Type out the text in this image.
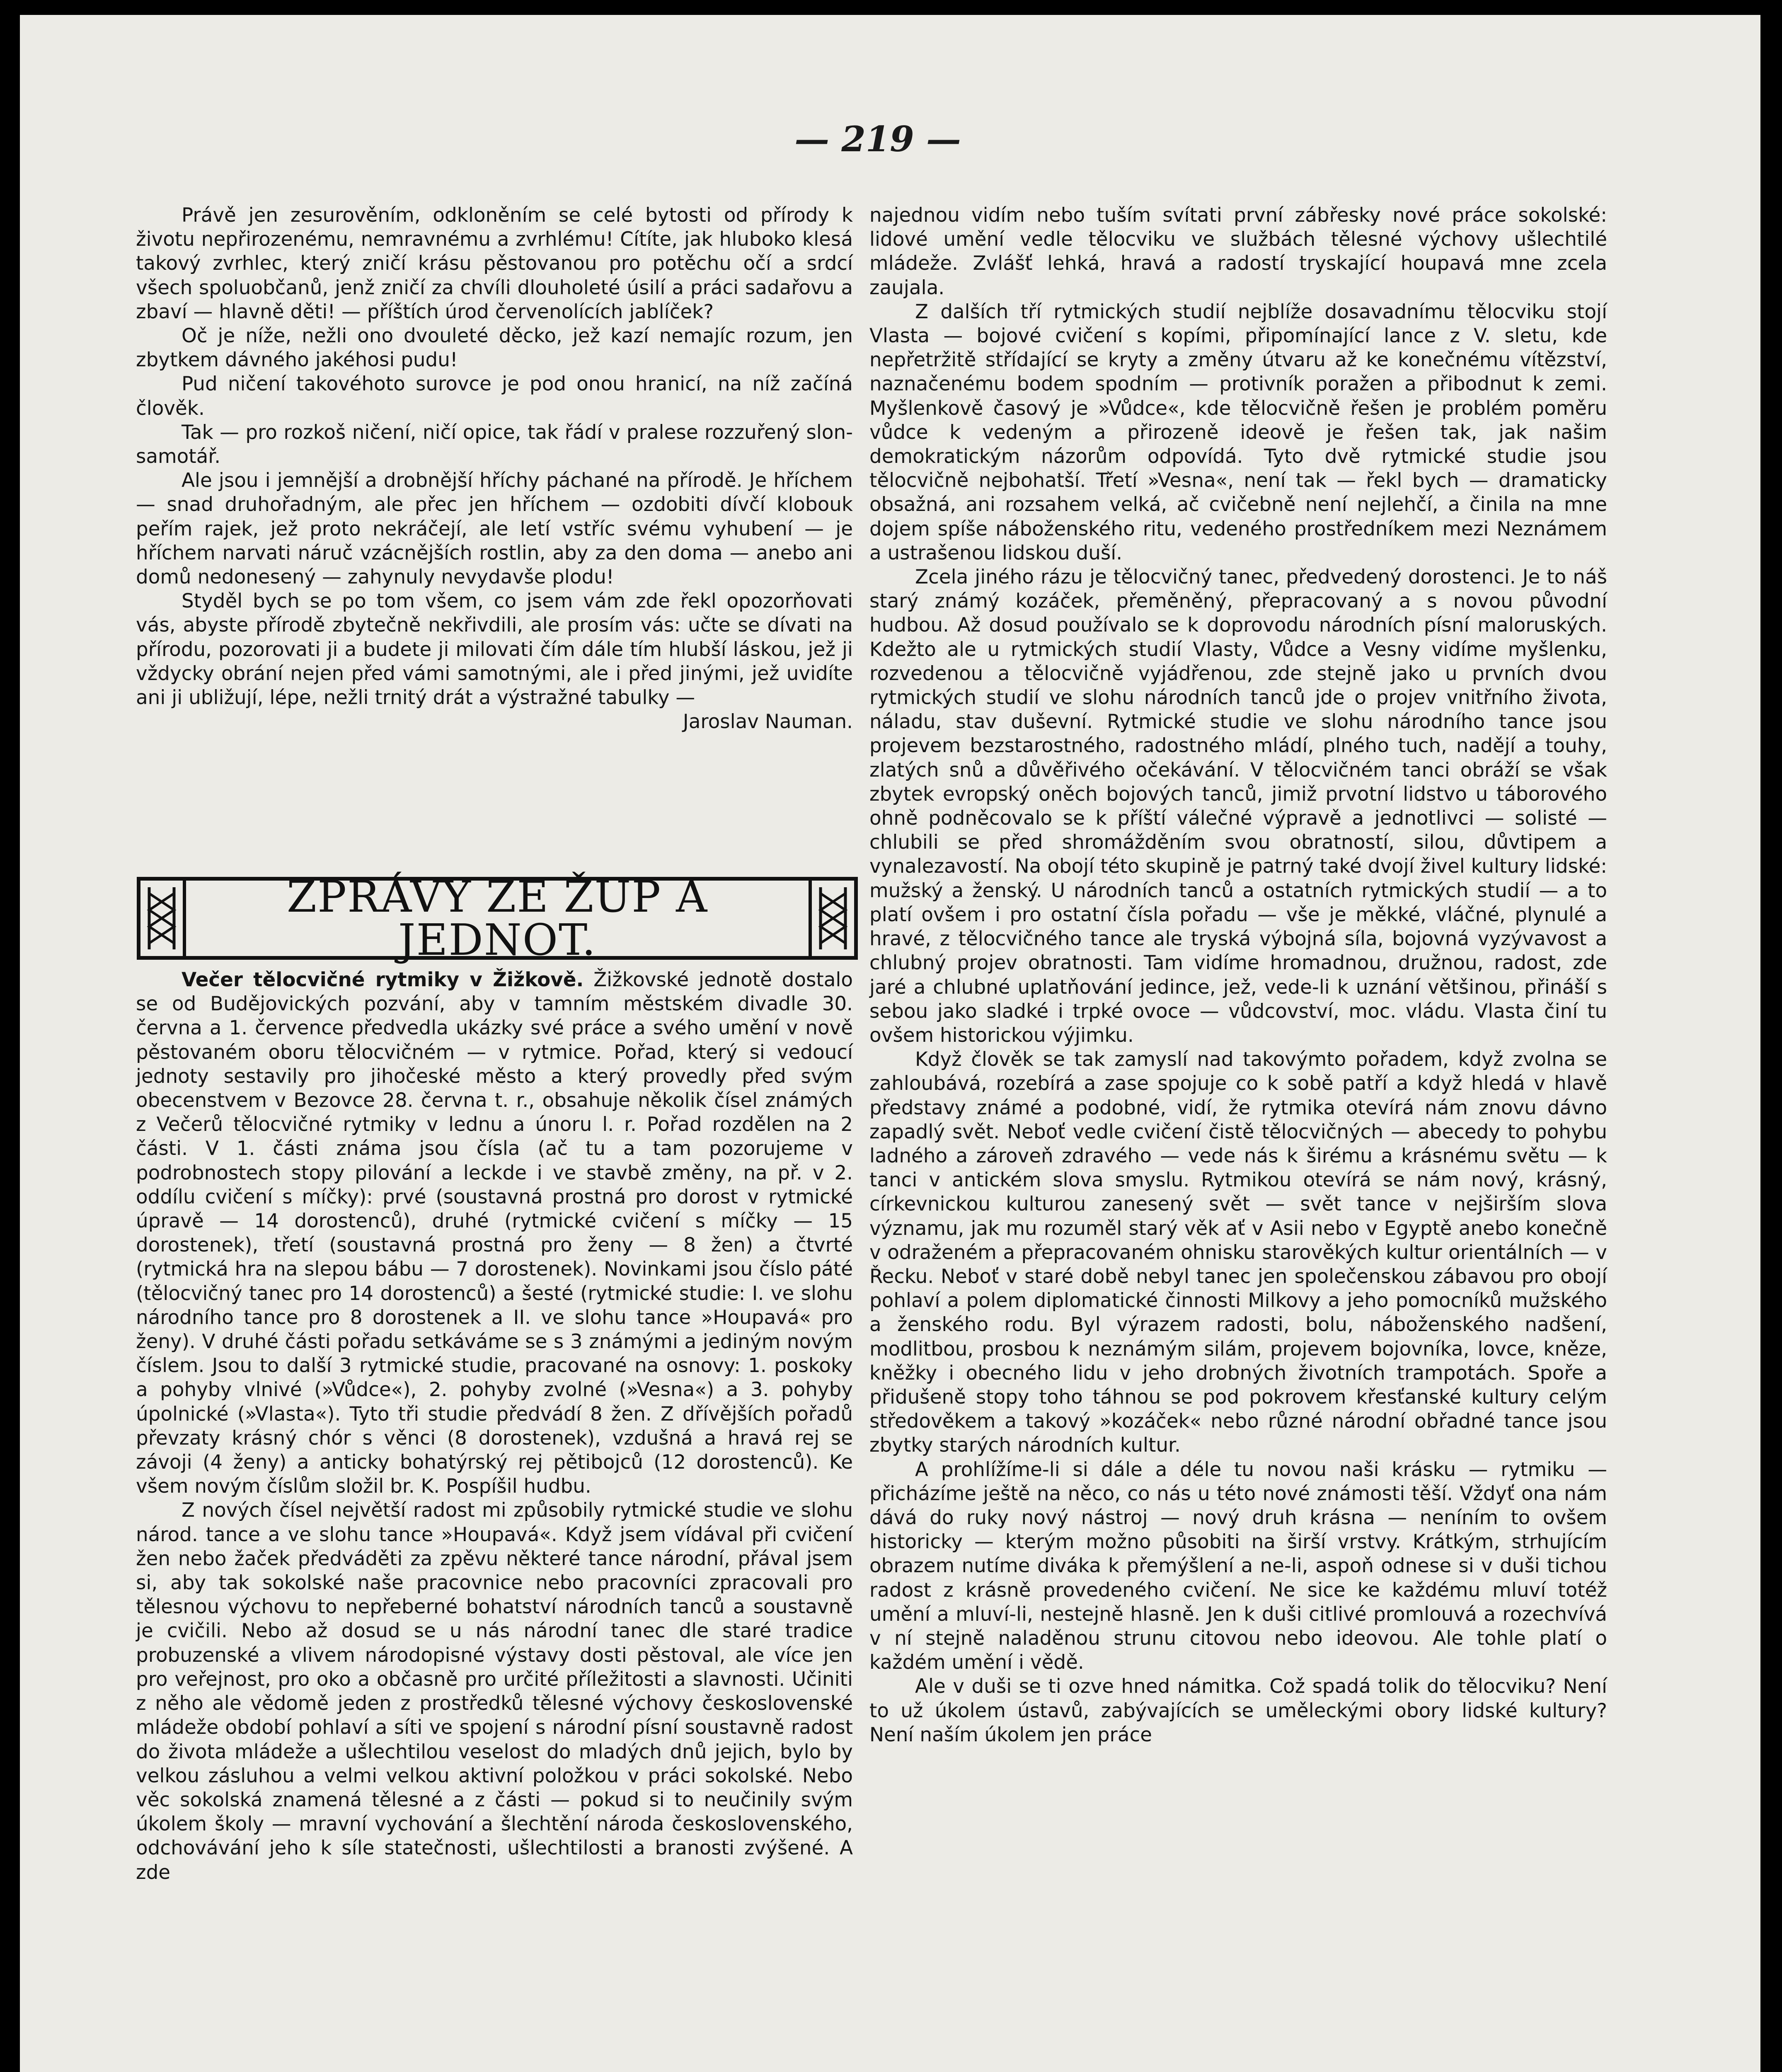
— 219 —

Právě jen zesurověním, odkloněním se celé bytosti od přírody k životu nepřirozenému, nemravnému a zvrhlému! Cítíte, jak hluboko klesá takový zvrhlec, který zničí krásu pěstovanou pro potěchu očí a srdcí všech spoluobčanů, jenž zničí za chvíli dlouholeté úsilí a práci sadařovu a zbaví — hlavně děti! — příštích úrod červenolících jablíček?

Oč je níže, nežli ono dvouleté děcko, jež kazí nemajíc rozum, jen zbytkem dávného jakéhosi pudu!

Pud ničení takovéhoto surovce je pod onou hranicí, na níž začíná člověk.

Tak — pro rozkoš ničení, ničí opice, tak řádí v pralese rozzuřený slon-samotář.

Ale jsou i jemnější a drobnější hříchy páchané na přírodě. Je hříchem — snad druhořadným, ale přec jen hříchem — ozdobiti dívčí klobouk peřím rajek, jež proto nekráčejí, ale letí vstříc svému vyhubení — je hříchem narvati náruč vzácnějších rostlin, aby za den doma — anebo ani domů nedonesený — zahynuly nevydavše plodu!

Styděl bych se po tom všem, co jsem vám zde řekl opozorňovati vás, abyste přírodě zbytečně nekřivdili, ale prosím vás: učte se dívati na přírodu, pozorovati ji a budete ji milovati čím dále tím hlubší láskou, jež ji vždycky obrání nejen před vámi samotnými, ale i před jinými, jež uvidíte ani ji ubližují, lépe, nežli trnitý drát a výstražné tabulky —

Jaroslav Nauman.
ZPRÁVY ZE ŽUP A JEDNOT.

Večer tělocvičné rytmiky v Žižkově. Žižkovské jednotě dostalo se od Budějovických pozvání, aby v tamním městském divadle 30. června a 1. července předvedla ukázky své práce a svého umění v nově pěstovaném oboru tělocvičném — v rytmice. Pořad, který si vedoucí jednoty sestavily pro jihočeské město a který provedly před svým obecenstvem v Bezovce 28. června t. r., obsahuje několik čísel známých z Večerů tělocvičné rytmiky v lednu a únoru l. r. Pořad rozdělen na 2 části. V 1. části známa jsou čísla (ač tu a tam pozorujeme v podrobnostech stopy pilování a leckde i ve stavbě změny, na př. v 2. oddílu cvičení s míčky): prvé (soustavná prostná pro dorost v rytmické úpravě — 14 dorostenců), druhé (rytmické cvičení s míčky — 15 dorostenek), třetí (soustavná prostná pro ženy — 8 žen) a čtvrté (rytmická hra na slepou bábu — 7 dorostenek). Novinkami jsou číslo páté (tělocvičný tanec pro 14 dorostenců) a šesté (rytmické studie: I. ve slohu národního tance pro 8 dorostenek a II. ve slohu tance »Houpavá« pro ženy). V druhé části pořadu setkáváme se s 3 známými a jediným novým číslem. Jsou to další 3 rytmické studie, pracované na osnovy: 1. poskoky a pohyby vlnivé (»Vůdce«), 2. pohyby zvolné (»Vesna«) a 3. pohyby úpolnické (»Vlasta«). Tyto tři studie předvádí 8 žen. Z dřívějších pořadů převzaty krásný chór s věnci (8 dorostenek), vzdušná a hravá rej se závoji (4 ženy) a anticky bohatýrský rej pětibojců (12 dorostenců). Ke všem novým číslům složil br. K. Pospíšil hudbu.

Z nových čísel největší radost mi způsobily rytmické studie ve slohu národ. tance a ve slohu tance »Houpavá«. Když jsem vídával při cvičení žen nebo žaček předváděti za zpěvu některé tance národní, přával jsem si, aby tak sokolské naše pracovnice nebo pracovníci zpracovali pro tělesnou výchovu to nepřeberné bohatství národních tanců a soustavně je cvičili. Nebo až dosud se u nás národní tanec dle staré tradice probuzenské a vlivem národopisné výstavy dosti pěstoval, ale více jen pro veřejnost, pro oko a občasně pro určité příležitosti a slavnosti. Učiniti z něho ale vědomě jeden z prostředků tělesné výchovy československé mládeže období pohlaví a síti ve spojení s národní písní soustavně radost do života mládeže a ušlechtilou veselost do mladých dnů jejich, bylo by velkou zásluhou a velmi velkou aktivní položkou v práci sokolské. Nebo věc sokolská znamená tělesné a z části — pokud si to neučinily svým úkolem školy — mravní vychování a šlechtění národa československého, odchovávání jeho k síle statečnosti, ušlechtilosti a branosti zvýšené. A zde

najednou vidím nebo tuším svítati první zábřesky nové práce sokolské: lidové umění vedle tělocviku ve službách tělesné výchovy ušlechtilé mládeže. Zvlášť lehká, hravá a radostí tryskající houpavá mne zcela zaujala.

Z dalších tří rytmických studií nejblíže dosavadnímu tělocviku stojí Vlasta — bojové cvičení s kopími, připomínající lance z V. sletu, kde nepřetržitě střídající se kryty a změny útvaru až ke konečnému vítězství, naznačenému bodem spodním — protivník poražen a přibodnut k zemi. Myšlenkově časový je »Vůdce«, kde tělocvičně řešen je problém poměru vůdce k vedeným a přirozeně ideově je řešen tak, jak našim demokratickým názorům odpovídá. Tyto dvě rytmické studie jsou tělocvičně nejbohatší. Třetí »Vesna«, není tak — řekl bych — dramaticky obsažná, ani rozsahem velká, ač cvičebně není nejlehčí, a činila na mne dojem spíše náboženského ritu, vedeného prostředníkem mezi Neznámem a ustrašenou lidskou duší.

Zcela jiného rázu je tělocvičný tanec, předvedený dorostenci. Je to náš starý známý kozáček, přeměněný, přepracovaný a s novou původní hudbou. Až dosud používalo se k doprovodu národních písní maloruských. Kdežto ale u rytmických studií Vlasty, Vůdce a Vesny vidíme myšlenku, rozvedenou a tělocvičně vyjádřenou, zde stejně jako u prvních dvou rytmických studií ve slohu národních tanců jde o projev vnitřního života, náladu, stav duševní. Rytmické studie ve slohu národního tance jsou projevem bezstarostného, radostného mládí, plného tuch, nadějí a touhy, zlatých snů a důvěřivého očekávání. V tělocvičném tanci obráží se však zbytek evropský oněch bojových tanců, jimiž prvotní lidstvo u táborového ohně podněcovalo se k příští válečné výpravě a jednotlivci — solisté — chlubili se před shromážděním svou obratností, silou, důvtipem a vynalezavostí. Na obojí této skupině je patrný také dvojí živel kultury lidské: mužský a ženský. U národních tanců a ostatních rytmických studií — a to platí ovšem i pro ostatní čísla pořadu — vše je měkké, vláčné, plynulé a hravé, z tělocvičného tance ale tryská výbojná síla, bojovná vyzývavost a chlubný projev obratnosti. Tam vidíme hromadnou, družnou, radost, zde jaré a chlubné uplatňování jedince, jež, vede-li k uznání většinou, přináší s sebou jako sladké i trpké ovoce — vůdcovství, moc. vládu. Vlasta činí tu ovšem historickou výjimku.

Když člověk se tak zamyslí nad takovýmto pořadem, když zvolna se zahloubává, rozebírá a zase spojuje co k sobě patří a když hledá v hlavě představy známé a podobné, vidí, že rytmika otevírá nám znovu dávno zapadlý svět. Neboť vedle cvičení čistě tělocvičných — abecedy to pohybu ladného a zároveň zdravého — vede nás k širému a krásnému světu — k tanci v antickém slova smyslu. Rytmikou otevírá se nám nový, krásný, církevnickou kulturou zanesený svět — svět tance v nejširším slova významu, jak mu rozuměl starý věk ať v Asii nebo v Egyptě anebo konečně v odraženém a přepracovaném ohnisku starověkých kultur orientálních — v Řecku. Neboť v staré době nebyl tanec jen společenskou zábavou pro obojí pohlaví a polem diplomatické činnosti Milkovy a jeho pomocníků mužského a ženského rodu. Byl výrazem radosti, bolu, náboženského nadšení, modlitbou, prosbou k neznámým silám, projevem bojovníka, lovce, kněze, kněžky i obecného lidu v jeho drobných životních trampotách. Spoře a přidušeně stopy toho táhnou se pod pokrovem křesťanské kultury celým středověkem a takový »kozáček« nebo různé národní obřadné tance jsou zbytky starých národních kultur.

A prohlížíme-li si dále a déle tu novou naši krásku — rytmiku — přicházíme ještě na něco, co nás u této nové známosti těší. Vždyť ona nám dává do ruky nový nástroj — nový druh krásna — neníním to ovšem historicky — kterým možno působiti na širší vrstvy. Krátkým, strhujícím obrazem nutíme diváka k přemýšlení a ne-li, aspoň odnese si v duši tichou radost z krásně provedeného cvičení. Ne sice ke každému mluví totéž umění a mluví-li, nestejně hlasně. Jen k duši citlivé promlouvá a rozechvívá v ní stejně naladěnou strunu citovou nebo ideovou. Ale tohle platí o každém umění i vědě.

Ale v duši se ti ozve hned námitka. Což spadá tolik do tělocviku? Není to už úkolem ústavů, zabývajících se uměleckými obory lidské kultury? Není naším úkolem jen práce
